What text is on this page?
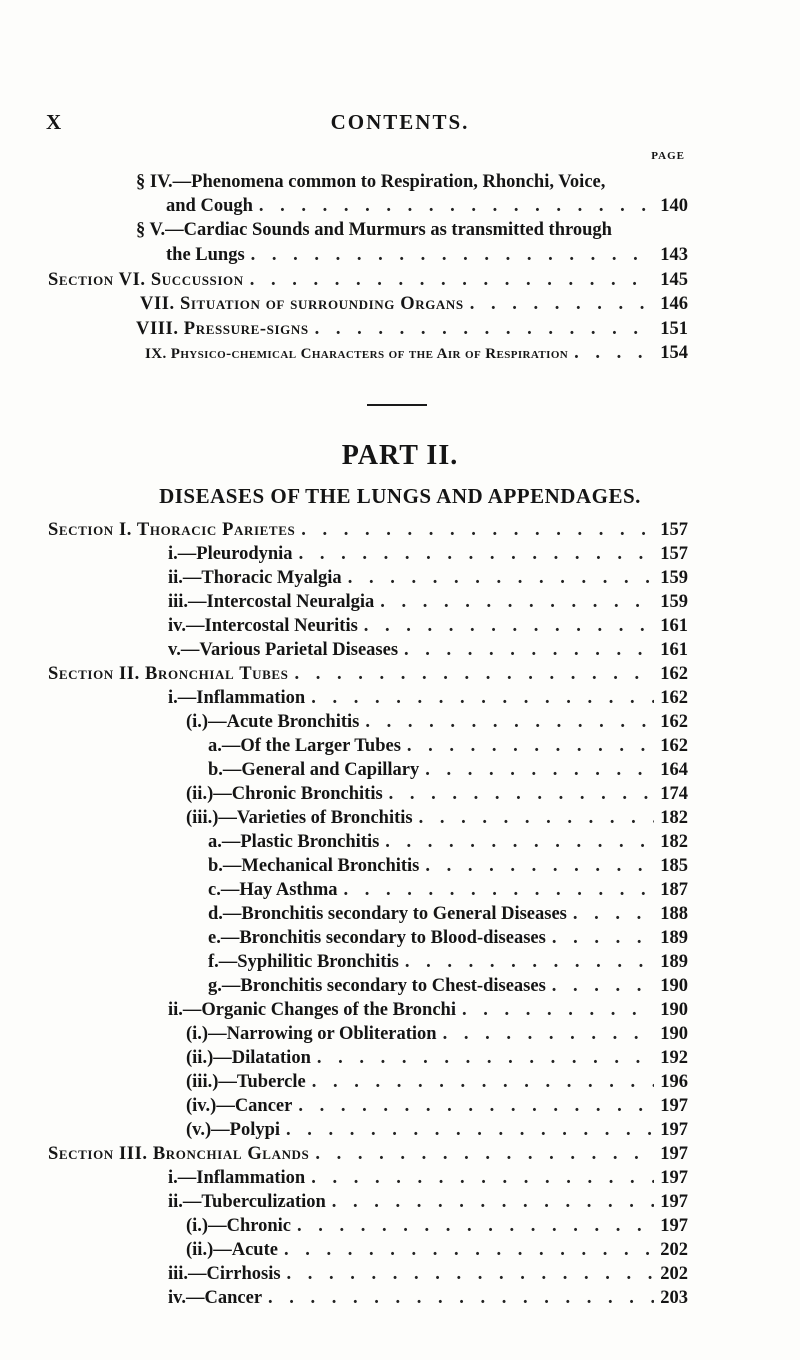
X	CONTENTS.
PAGE
§ IV.—Phenomena common to Respiration, Rhonchi, Voice,
and Cough . . .	140
§ V.—Cardiac Sounds and Murmurs as transmitted through
the Lungs . . .	143
Section VI. Succussion . . .	145
VII. Situation of surrounding Organs . . .	146
VIII. Pressure-signs . . .	151
IX. Physico-chemical Characters of the Air of Respiration . . .	154
PART II.
DISEASES OF THE LUNGS AND APPENDAGES.
Section I. Thoracic Parietes . . .	157
i.—Pleurodynia . . .	157
ii.—Thoracic Myalgia . . .	159
iii.—Intercostal Neuralgia . . .	159
iv.—Intercostal Neuritis . . .	161
v.—Various Parietal Diseases . . .	161
Section II. Bronchial Tubes . . .	162
i.—Inflammation . . .	162
(i.)—Acute Bronchitis . . .	162
a.—Of the Larger Tubes . . .	162
b.—General and Capillary . . .	164
(ii.)—Chronic Bronchitis . . .	174
(iii.)—Varieties of Bronchitis . . .	182
a.—Plastic Bronchitis . . .	182
b.—Mechanical Bronchitis . . .	185
c.—Hay Asthma . . .	187
d.—Bronchitis secondary to General Diseases . . .	188
e.—Bronchitis secondary to Blood-diseases . . .	189
f.—Syphilitic Bronchitis . . .	189
g.—Bronchitis secondary to Chest-diseases . . .	190
ii.—Organic Changes of the Bronchi . . .	190
(i.)—Narrowing or Obliteration . . .	190
(ii.)—Dilatation . . .	192
(iii.)—Tubercle . . .	196
(iv.)—Cancer . . .	197
(v.)—Polypi . . .	197
Section III. Bronchial Glands . . .	197
i.—Inflammation . . .	197
ii.—Tuberculization . . .	197
(i.)—Chronic . . .	197
(ii.)—Acute . . .	202
iii.—Cirrhosis . . .	202
iv.—Cancer . . .	203
